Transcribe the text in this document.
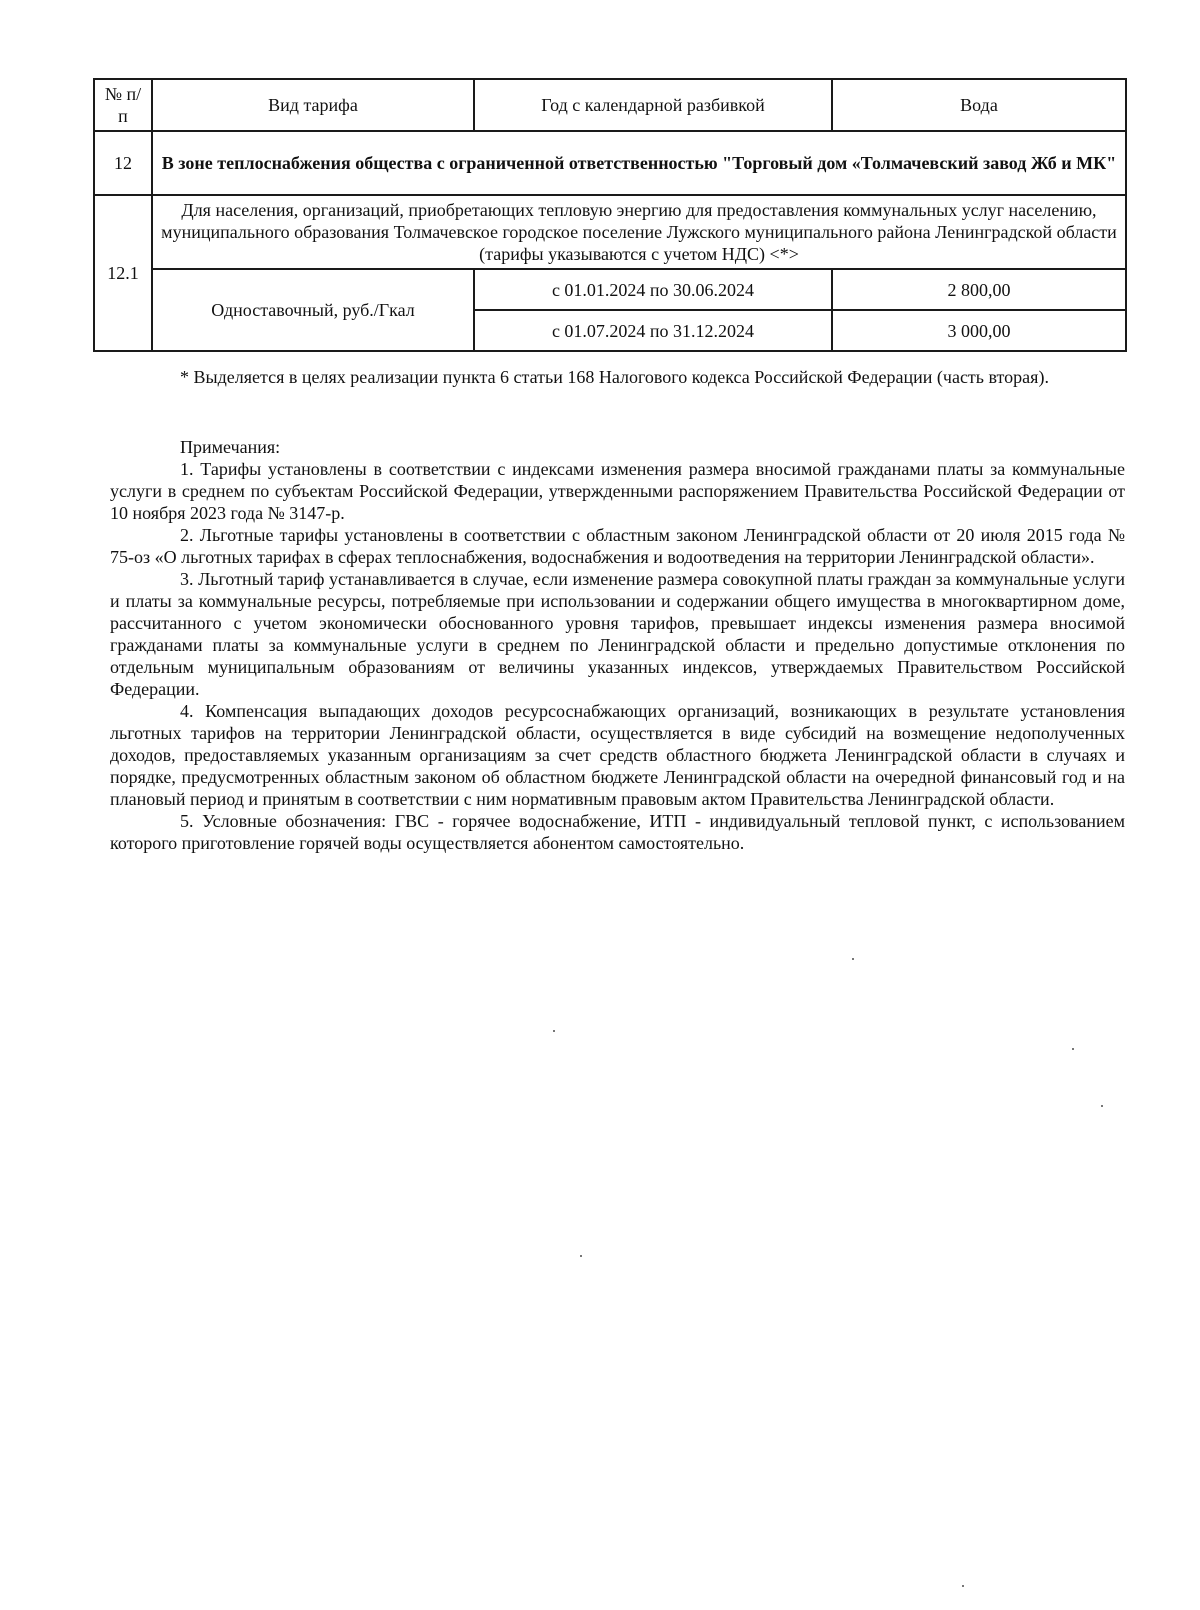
№ п/п	Вид тарифа	Год с календарной разбивкой	Вода
12	В зоне теплоснабжения общества с ограниченной ответственностью "Торговый дом «Толмачевский завод Жб и МК"		
12.1	Для населения, организаций, приобретающих тепловую энергию для предоставления коммунальных услуг населению, муниципального образования Толмачевское городское поселение Лужского муниципального района Ленинградской области (тарифы указываются с учетом НДС) <*>		
	Одноставочный, руб./Гкал	с 01.01.2024 по 30.06.2024	2 800,00
		с 01.07.2024 по 31.12.2024	3 000,00

* Выделяется в целях реализации пункта 6 статьи 168 Налогового кодекса Российской Федерации (часть вторая).

Примечания:

1. Тарифы установлены в соответствии с индексами изменения размера вносимой гражданами платы за коммунальные услуги в среднем по субъектам Российской Федерации, утвержденными распоряжением Правительства Российской Федерации от 10 ноября 2023 года № 3147-р.

2. Льготные тарифы установлены в соответствии с областным законом Ленинградской области от 20 июля 2015 года № 75-оз «О льготных тарифах в сферах теплоснабжения, водоснабжения и водоотведения на территории Ленинградской области».

3. Льготный тариф устанавливается в случае, если изменение размера совокупной платы граждан за коммунальные услуги и платы за коммунальные ресурсы, потребляемые при использовании и содержании общего имущества в многоквартирном доме, рассчитанного с учетом экономически обоснованного уровня тарифов, превышает индексы изменения размера вносимой гражданами платы за коммунальные услуги в среднем по Ленинградской области и предельно допустимые отклонения по отдельным муниципальным образованиям от величины указанных индексов, утверждаемых Правительством Российской Федерации.

4. Компенсация выпадающих доходов ресурсоснабжающих организаций, возникающих в результате установления льготных тарифов на территории Ленинградской области, осуществляется в виде субсидий на возмещение недополученных доходов, предоставляемых указанным организациям за счет средств областного бюджета Ленинградской области в случаях и порядке, предусмотренных областным законом об областном бюджете Ленинградской области на очередной финансовый год и на плановый период и принятым в соответствии с ним нормативным правовым актом Правительства Ленинградской области.

5. Условные обозначения: ГВС - горячее водоснабжение, ИТП - индивидуальный тепловой пункт, с использованием которого приготовление горячей воды осуществляется абонентом самостоятельно.
